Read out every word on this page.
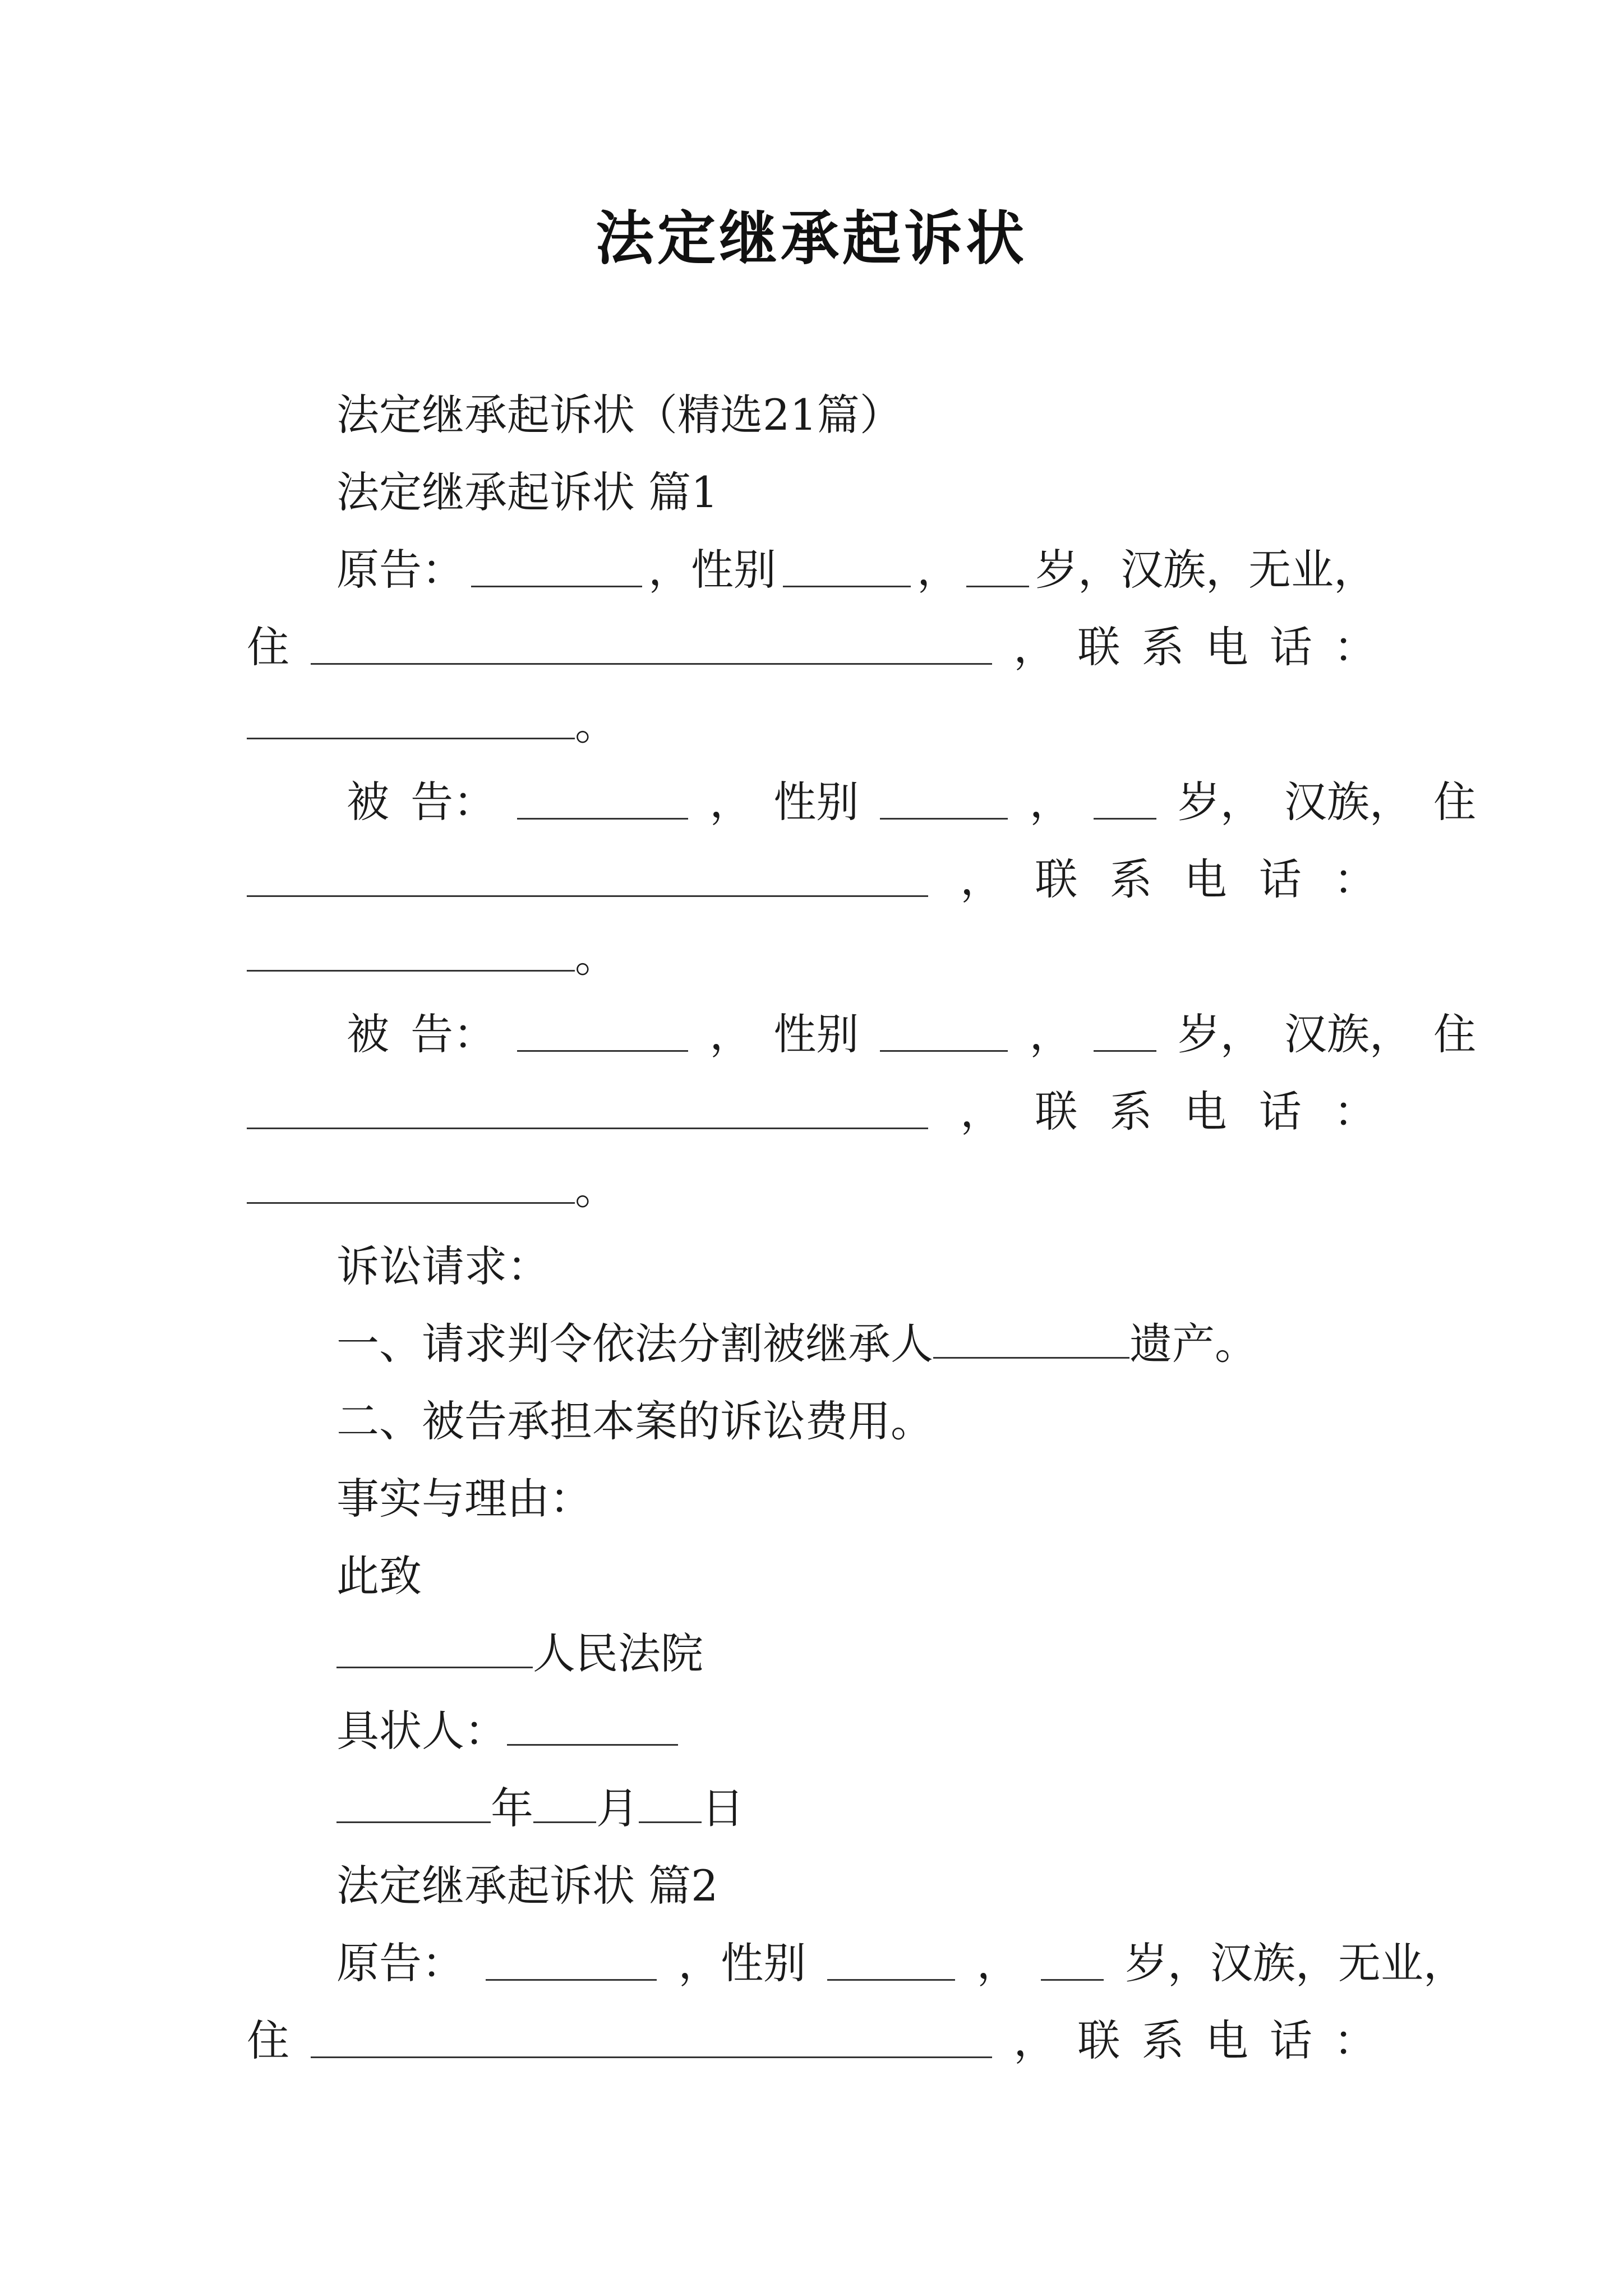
法定继承起诉状
法定继承起诉状（精选21篇）
法定继承起诉状 篇1
原告：	，性别	， 岁，汉族，无业，
住	， 联 系 电 话 ：
。
被 告：	， 性别	， 岁， 汉族， 住
， 联 系 电 话 ：
。
被 告：	， 性别	， 岁， 汉族， 住
， 联 系 电 话 ：
。
诉讼请求：
一、请求判令依法分割被继承人	遗产。
二、被告承担本案的诉讼费用。
事实与理由：
此致
人民法院
具状人：
年 月 日
法定继承起诉状 篇2
原告：	，性别	， 岁，汉族，无业，
住	， 联 系 电 话 ：
